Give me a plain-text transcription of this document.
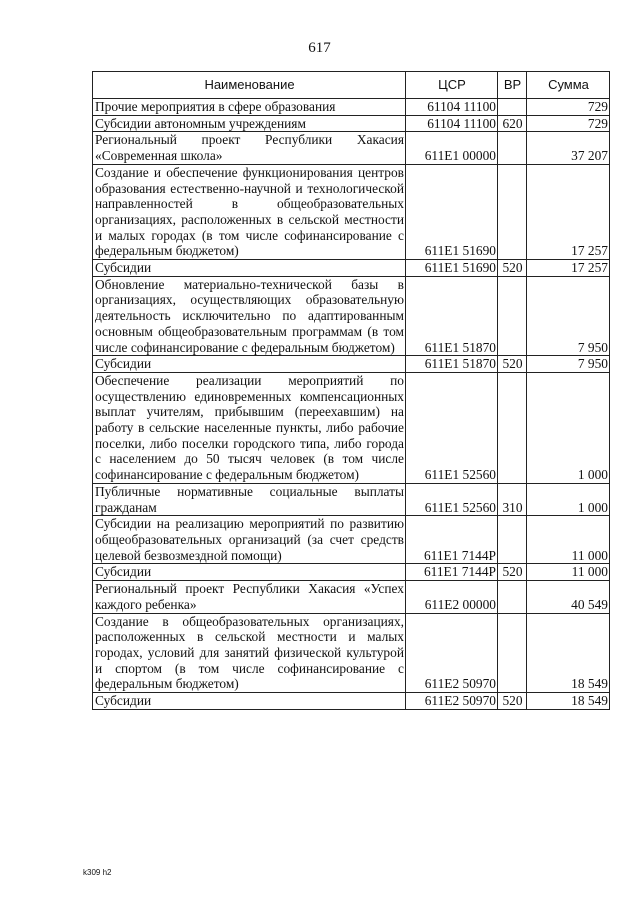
617
Наименование	ЦСР	ВР	Сумма
Прочие мероприятия в сфере образования	61104 11100		729
Субсидии автономным учреждениям	61104 11100	620	729
Региональный проект Республики Хакасия «Современная школа»	611E1 00000		37 207
Создание и обеспечение функционирования центров образования естественно-научной и технологической направленностей в общеобразовательных организациях, расположенных в сельской местности и малых городах (в том числе софинансирование с федеральным бюджетом)	611E1 51690		17 257
Субсидии	611E1 51690	520	17 257
Обновление материально-технической базы в организациях, осуществляющих образовательную деятельность исключительно по адаптированным основным общеобразовательным программам (в том числе софинансирование с федеральным бюджетом)	611E1 51870		7 950
Субсидии	611E1 51870	520	7 950
Обеспечение реализации мероприятий по осуществлению единовременных компенсационных выплат учителям, прибывшим (переехавшим) на работу в сельские населенные пункты, либо рабочие поселки, либо поселки городского типа, либо города с населением до 50 тысяч человек (в том числе софинансирование с федеральным бюджетом)	611E1 52560		1 000
Публичные нормативные социальные выплаты гражданам	611E1 52560	310	1 000
Субсидии на реализацию мероприятий по развитию общеобразовательных организаций (за счет средств целевой безвозмездной помощи)	611E1 7144P		11 000
Субсидии	611E1 7144P	520	11 000
Региональный проект Республики Хакасия «Успех каждого ребенка»	611E2 00000		40 549
Создание в общеобразовательных организациях, расположенных в сельской местности и малых городах, условий для занятий физической культурой и спортом (в том числе софинансирование с федеральным бюджетом)	611E2 50970		18 549
Субсидии	611E2 50970	520	18 549
k309 h2
